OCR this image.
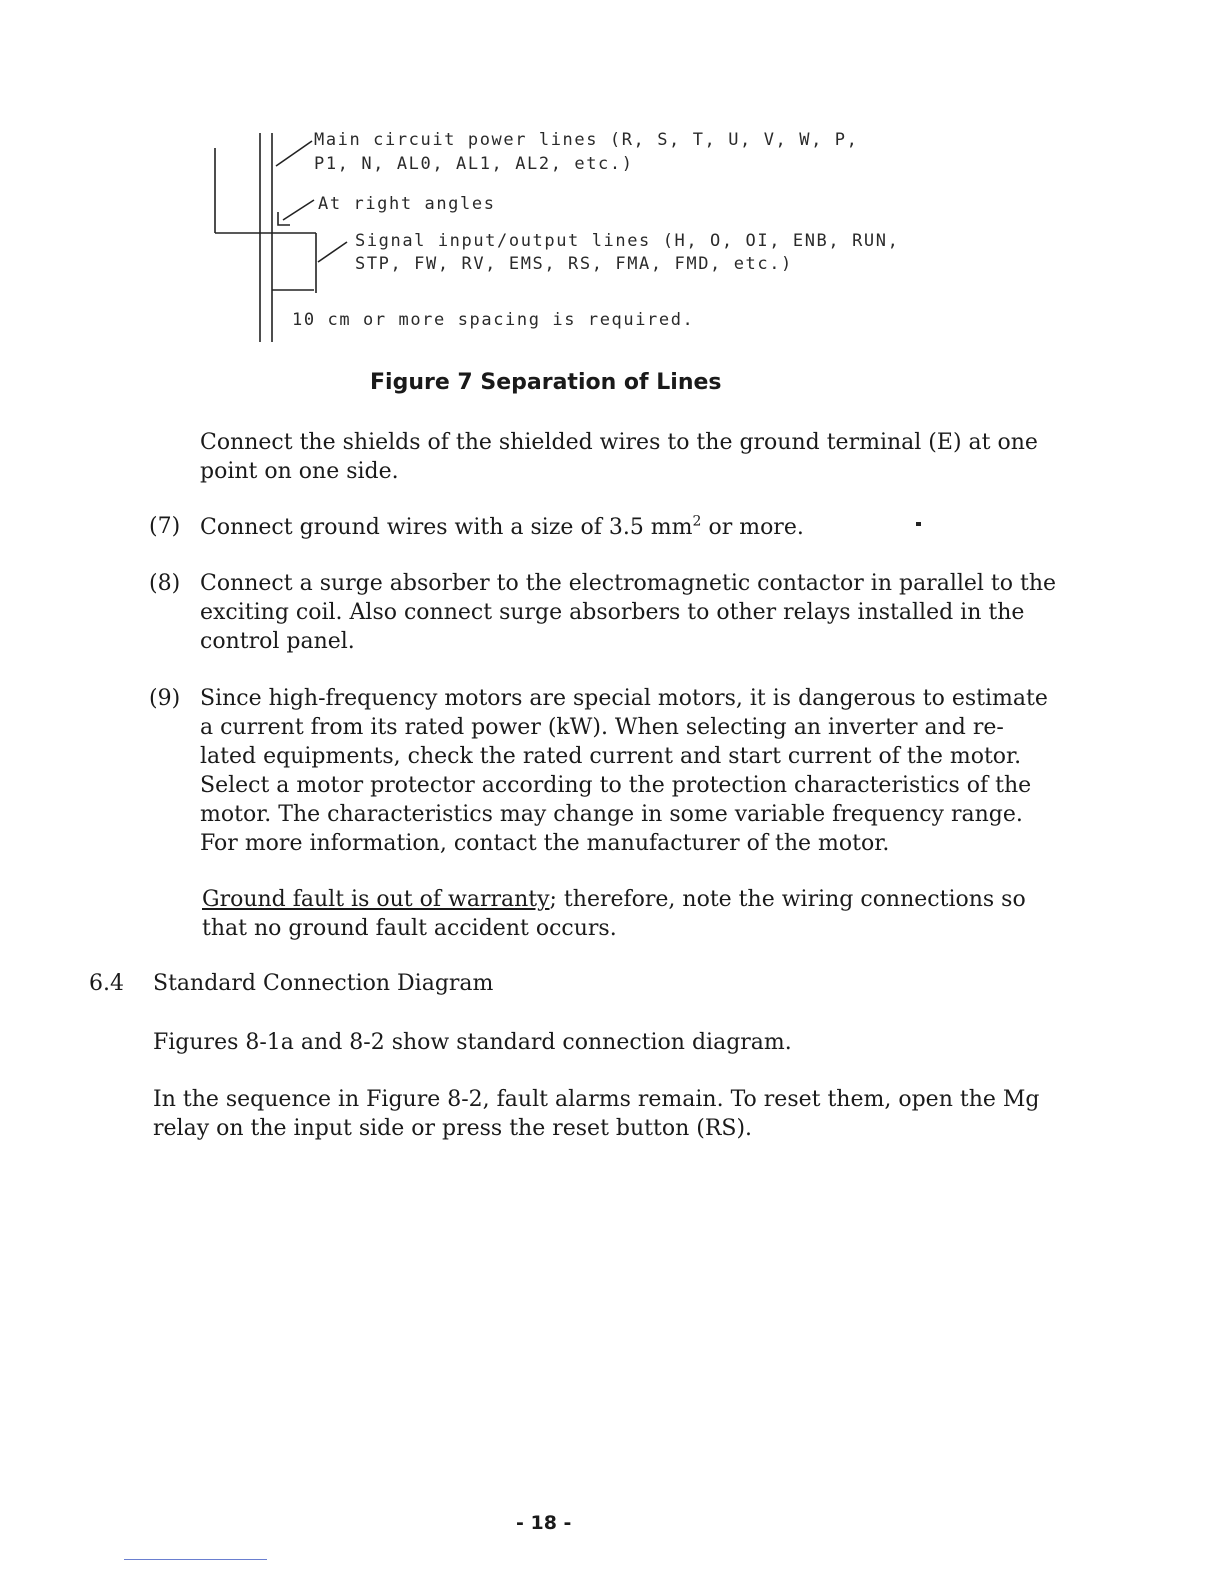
Main circuit power lines (R, S, T, U, V, W, P,
P1, N, AL0, AL1, AL2, etc.)
At right angles
Signal input/output lines (H, O, OI, ENB, RUN,
STP, FW, RV, EMS, RS, FMA, FMD, etc.)
10 cm or more spacing is required.
Figure 7 Separation of Lines
Connect the shields of the shielded wires to the ground terminal (E) at one
point on one side.
(7) Connect ground wires with a size of 3.5 $mm^2$ or more.
(8) Connect a surge absorber to the electromagnetic contactor in parallel to the
exciting coil. Also connect surge absorbers to other relays installed in the
control panel.
(9) Since high-frequency motors are special motors, it is dangerous to estimate
a current from its rated power (kW). When selecting an inverter and re-
lated equipments, check the rated current and start current of the motor.
Select a motor protector according to the protection characteristics of the
motor. The characteristics may change in some variable frequency range.
For more information, contact the manufacturer of the motor.
Ground fault is out of warranty; therefore, note the wiring connections so
that no ground fault accident occurs.
6.4 Standard Connection Diagram
Figures 8-1a and 8-2 show standard connection diagram.
In the sequence in Figure 8-2, fault alarms remain. To reset them, open the Mg
relay on the input side or press the reset button (RS).
- 18 -
